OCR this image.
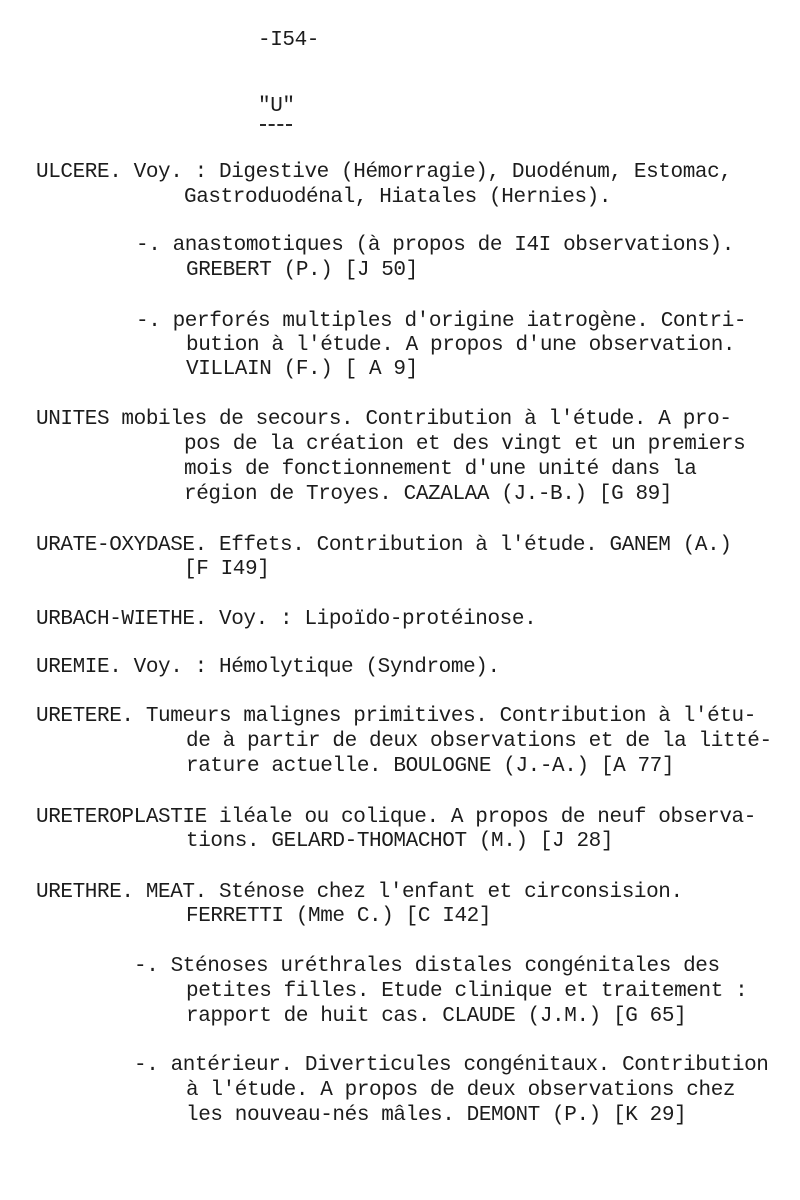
-I54-
"U"
ULCERE. Voy. : Digestive (Hémorragie), Duodénum, Estomac,
Gastroduodénal, Hiatales (Hernies).
-. anastomotiques (à propos de I4I observations).
GREBERT (P.) [J 50]
-. perforés multiples d'origine iatrogène. Contri-
bution à l'étude. A propos d'une observation.
VILLAIN (F.) [ A 9]
UNITES mobiles de secours. Contribution à l'étude. A pro-
pos de la création et des vingt et un premiers
mois de fonctionnement d'une unité dans la
région de Troyes. CAZALAA (J.-B.) [G 89]
URATE-OXYDASE. Effets. Contribution à l'étude. GANEM (A.)
[F I49]
URBACH-WIETHE. Voy. : Lipoïdo-protéinose.
UREMIE. Voy. : Hémolytique (Syndrome).
URETERE. Tumeurs malignes primitives. Contribution à l'étu-
de à partir de deux observations et de la litté-
rature actuelle. BOULOGNE (J.-A.) [A 77]
URETEROPLASTIE iléale ou colique. A propos de neuf observa-
tions. GELARD-THOMACHOT (M.) [J 28]
URETHRE. MEAT. Sténose chez l'enfant et circonsision.
FERRETTI (Mme C.) [C I42]
-. Sténoses uréthrales distales congénitales des
petites filles. Etude clinique et traitement :
rapport de huit cas. CLAUDE (J.M.) [G 65]
-. antérieur. Diverticules congénitaux. Contribution
à l'étude. A propos de deux observations chez
les nouveau-nés mâles. DEMONT (P.) [K 29]
